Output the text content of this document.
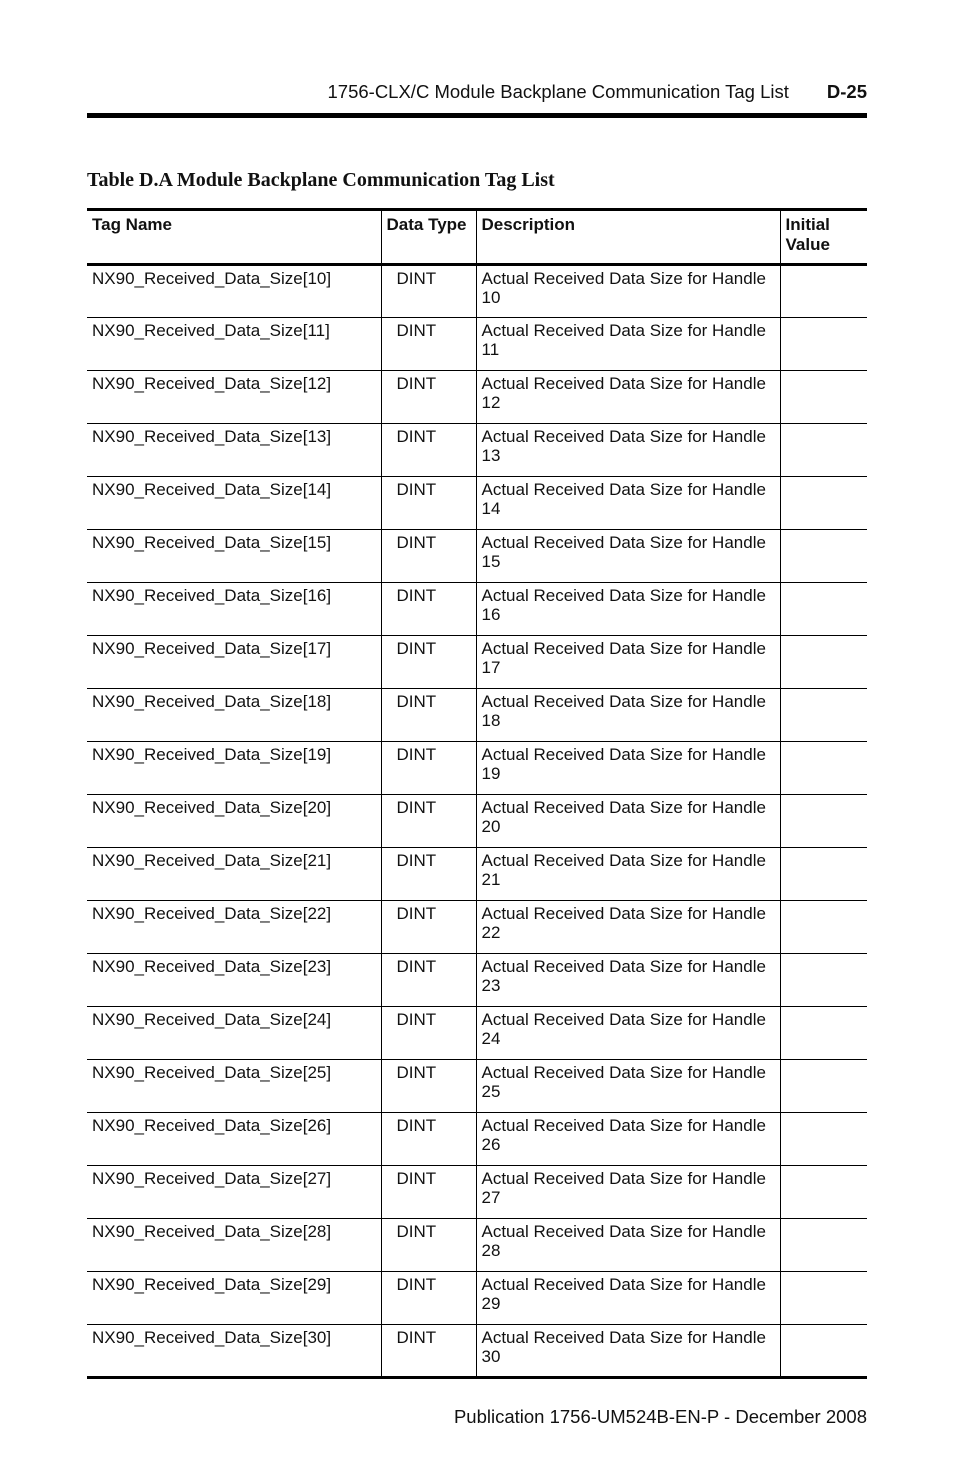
1756-CLX/C Module Backplane Communication Tag List D-25
Table D.A Module Backplane Communication Tag List
Tag Name	Data Type	Description	Initial Value
NX90_Received_Data_Size[10]	DINT	Actual Received Data Size for Handle 10	
NX90_Received_Data_Size[11]	DINT	Actual Received Data Size for Handle 11	
NX90_Received_Data_Size[12]	DINT	Actual Received Data Size for Handle 12	
NX90_Received_Data_Size[13]	DINT	Actual Received Data Size for Handle 13	
NX90_Received_Data_Size[14]	DINT	Actual Received Data Size for Handle 14	
NX90_Received_Data_Size[15]	DINT	Actual Received Data Size for Handle 15	
NX90_Received_Data_Size[16]	DINT	Actual Received Data Size for Handle 16	
NX90_Received_Data_Size[17]	DINT	Actual Received Data Size for Handle 17	
NX90_Received_Data_Size[18]	DINT	Actual Received Data Size for Handle 18	
NX90_Received_Data_Size[19]	DINT	Actual Received Data Size for Handle 19	
NX90_Received_Data_Size[20]	DINT	Actual Received Data Size for Handle 20	
NX90_Received_Data_Size[21]	DINT	Actual Received Data Size for Handle 21	
NX90_Received_Data_Size[22]	DINT	Actual Received Data Size for Handle 22	
NX90_Received_Data_Size[23]	DINT	Actual Received Data Size for Handle 23	
NX90_Received_Data_Size[24]	DINT	Actual Received Data Size for Handle 24	
NX90_Received_Data_Size[25]	DINT	Actual Received Data Size for Handle 25	
NX90_Received_Data_Size[26]	DINT	Actual Received Data Size for Handle 26	
NX90_Received_Data_Size[27]	DINT	Actual Received Data Size for Handle 27	
NX90_Received_Data_Size[28]	DINT	Actual Received Data Size for Handle 28	
NX90_Received_Data_Size[29]	DINT	Actual Received Data Size for Handle 29	
NX90_Received_Data_Size[30]	DINT	Actual Received Data Size for Handle 30	
Publication 1756-UM524B-EN-P - December 2008
